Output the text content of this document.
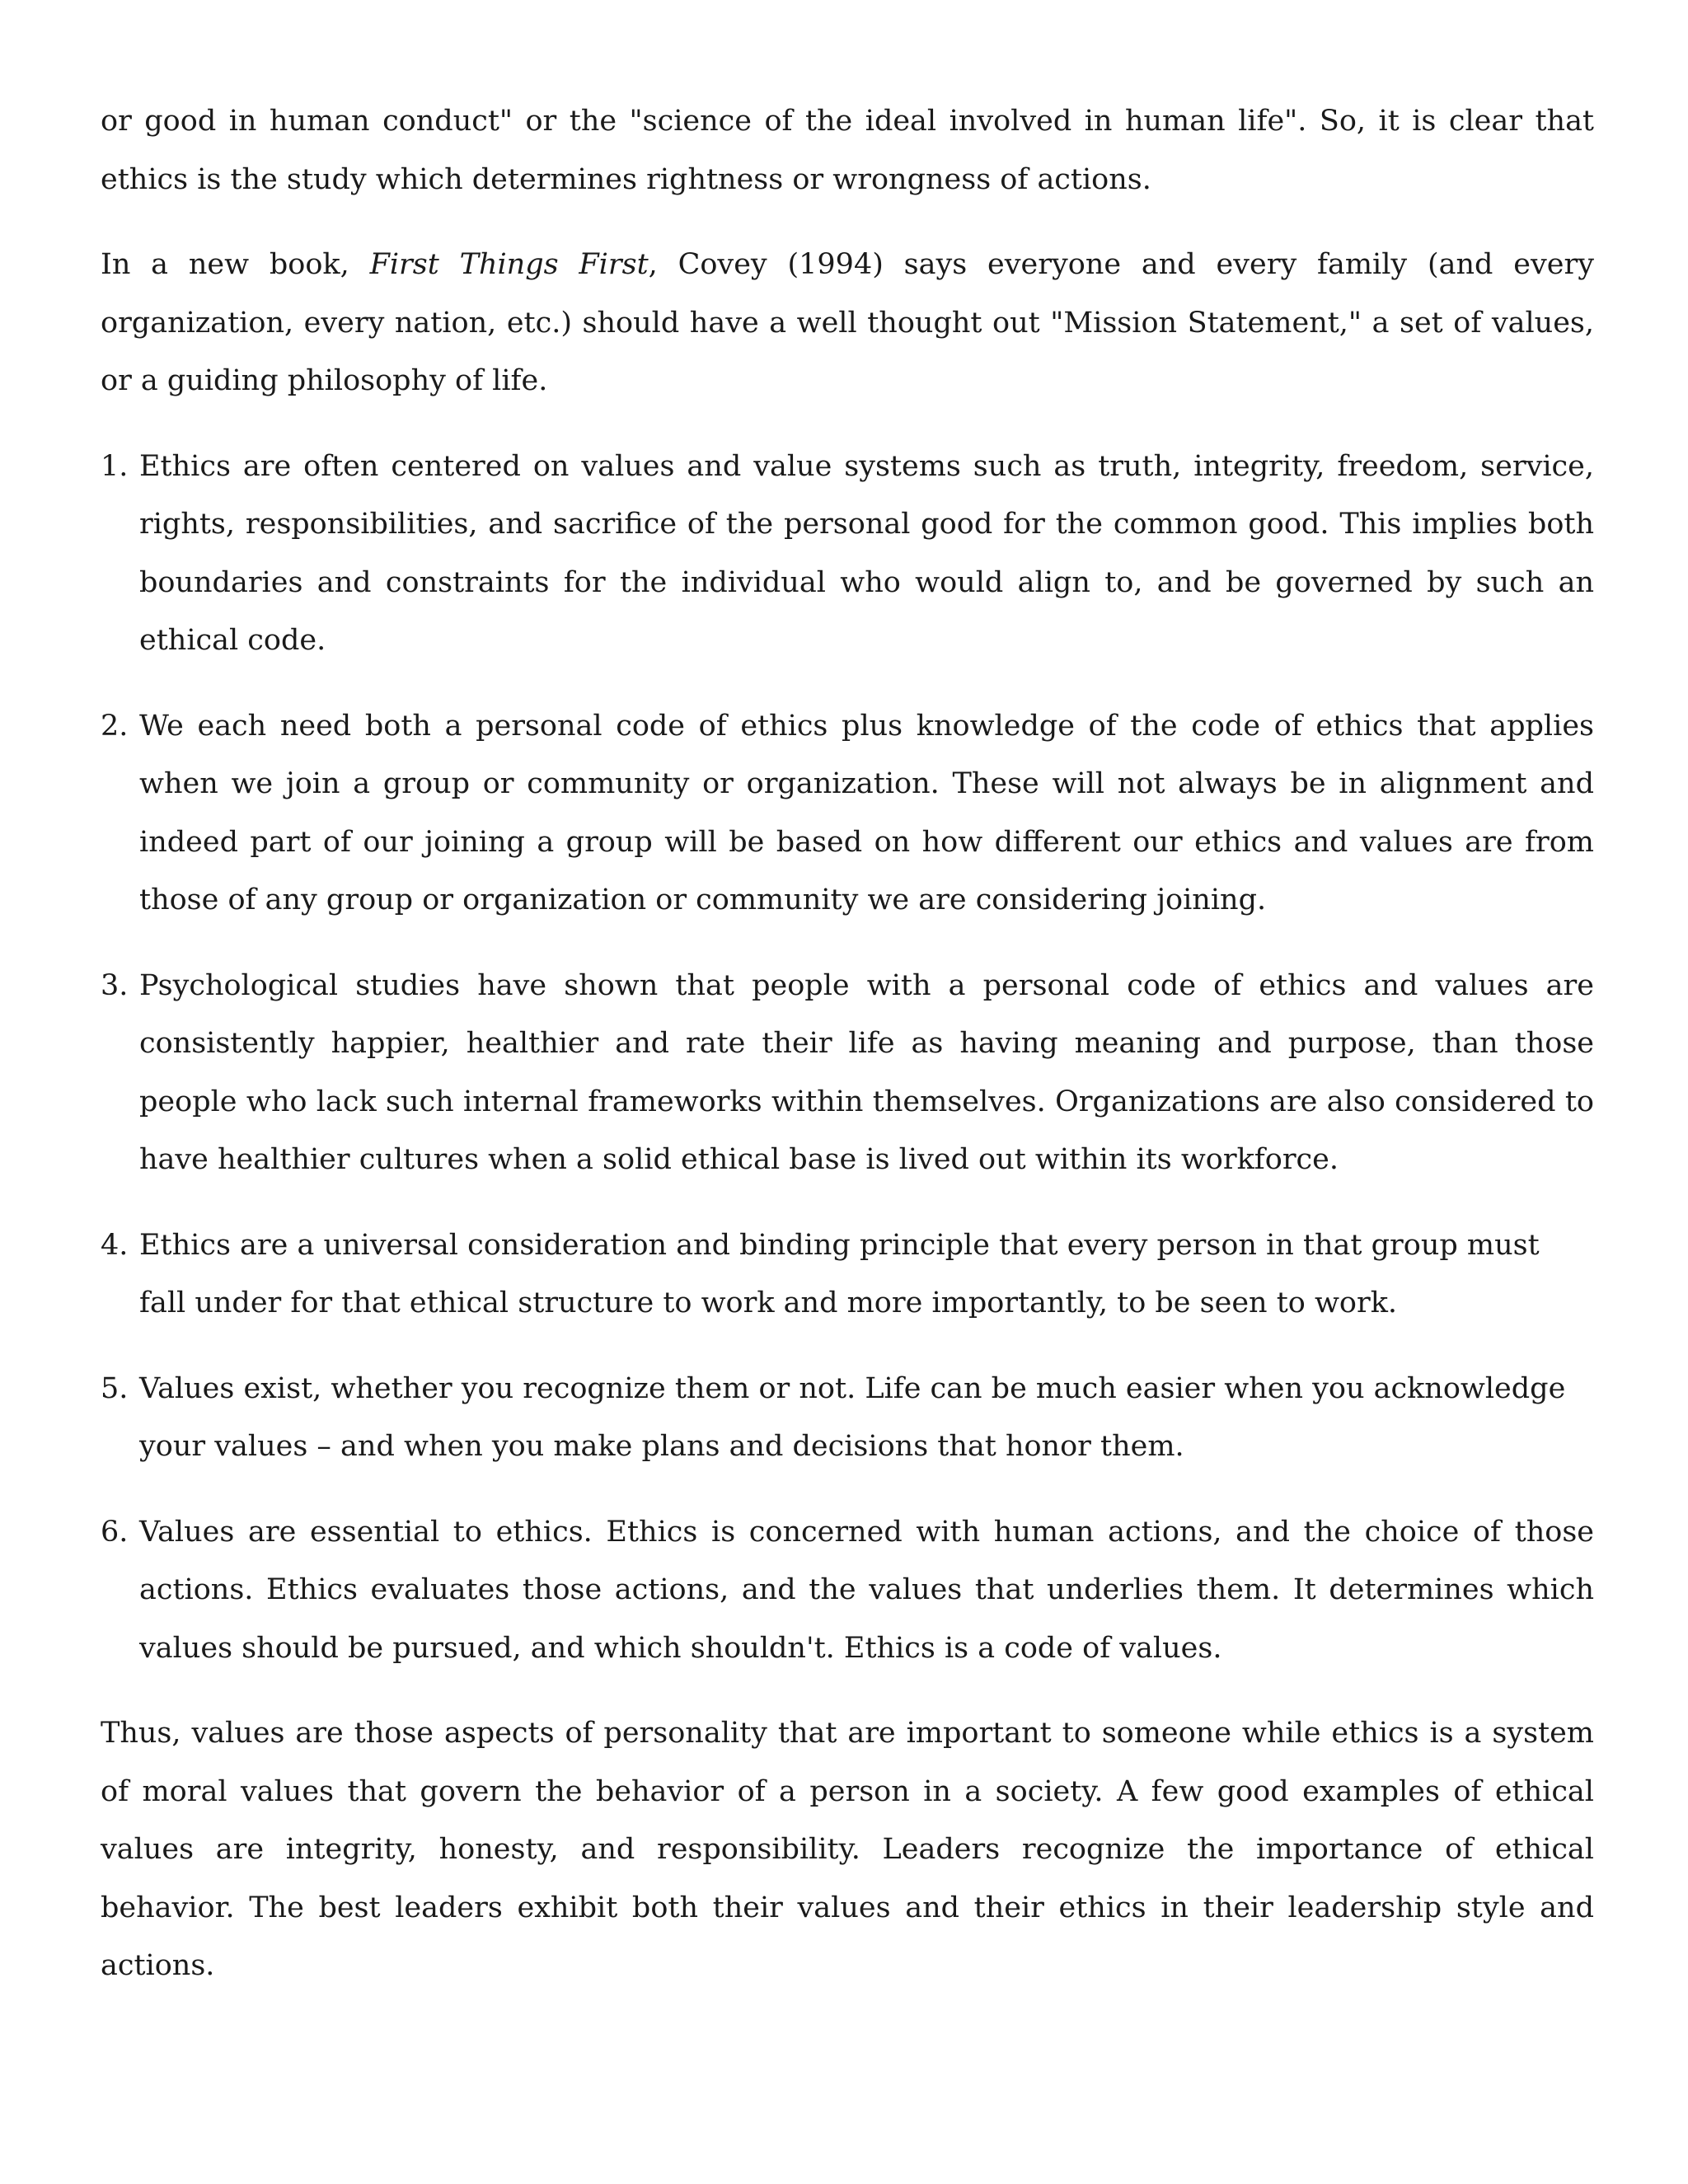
or good in human conduct" or the "science of the ideal involved in human life". So, it is clear that ethics is the study which determines rightness or wrongness of actions.

In a new book, First Things First, Covey (1994) says everyone and every family (and every organization, every nation, etc.) should have a well thought out "Mission Statement," a set of values, or a guiding philosophy of life.

1. Ethics are often centered on values and value systems such as truth, integrity, freedom, service, rights, responsibilities, and sacrifice of the personal good for the common good. This implies both boundaries and constraints for the individual who would align to, and be governed by such an ethical code.
2. We each need both a personal code of ethics plus knowledge of the code of ethics that applies when we join a group or community or organization. These will not always be in alignment and indeed part of our joining a group will be based on how different our ethics and values are from those of any group or organization or community we are considering joining.
3. Psychological studies have shown that people with a personal code of ethics and values are consistently happier, healthier and rate their life as having meaning and purpose, than those people who lack such internal frameworks within themselves. Organizations are also considered to have healthier cultures when a solid ethical base is lived out within its workforce.
4. Ethics are a universal consideration and binding principle that every person in that group must fall under for that ethical structure to work and more importantly, to be seen to work.
5. Values exist, whether you recognize them or not. Life can be much easier when you acknowledge your values – and when you make plans and decisions that honor them.
6. Values are essential to ethics. Ethics is concerned with human actions, and the choice of those actions. Ethics evaluates those actions, and the values that underlies them. It determines which values should be pursued, and which shouldn't. Ethics is a code of values.

Thus, values are those aspects of personality that are important to someone while ethics is a system of moral values that govern the behavior of a person in a society. A few good examples of ethical values are integrity, honesty, and responsibility. Leaders recognize the importance of ethical behavior. The best leaders exhibit both their values and their ethics in their leadership style and actions.
